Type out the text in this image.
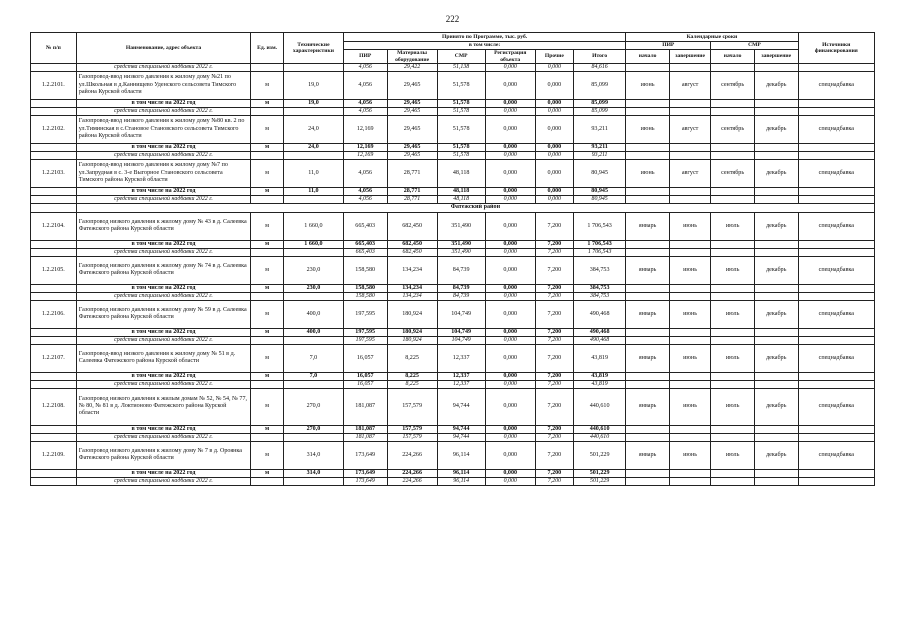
222
№ п/п	Наименование, адрес объекта	Ед. изм.	Технические характеристики	Принято по Программе, тыс. руб.						Календарные сроки				Источники финансирования
				в том числе:						ПИР		СМР		
				ПИР	Материалы оборудование	СМР	Регистрация объекта	Прочие	Итого	начало	завершение	начало	завершение	
	средства специальной надбавки 2022 г.			4,056	29,422	51,138	0,000	0,000	84,616					
1.2.2101.	Газопровод-ввод низкого давления к жилому дому №21 по ул.Школьная в д.Каннищево Уденского сельсовета Тимского района Курской области	м	19,0	4,056	29,465	51,578	0,000	0,000	85,099	июнь	август	сентябрь	декабрь	спецнадбавка
	в том числе на 2022 год	м	19,0	4,056	29,465	51,578	0,000	0,000	85,099					
	средства специальной надбавки 2022 г.			4,056	29,465	51,578	0,000	0,000	85,099					
1.2.2102.	Газопровод-ввод низкого давления к жилому дому №80 кв. 2 по ул.Тиминская в с.Становое Становского сельсовета Тимского района Курской области	м	24,0	12,169	29,465	51,578	0,000	0,000	93,211	июнь	август	сентябрь	декабрь	спецнадбавка
	в том числе на 2022 год	м	24,0	12,169	29,465	51,578	0,000	0,000	93,211					
	средства специальной надбавки 2022 г.			12,169	29,465	51,578	0,000	0,000	93,211					
1.2.2103.	Газопровод-ввод низкого давления к жилому дому №7 по ул.Запрудная в с. 3-е Выгорное Становского сельсовета Тимского района Курской области	м	11,0	4,056	28,771	48,118	0,000	0,000	80,945	июнь	август	сентябрь	декабрь	спецнадбавка
	в том числе на 2022 год	м	11,0	4,056	28,771	48,118	0,000	0,000	80,945					
	средства специальной надбавки 2022 г.			4,056	28,771	48,118	0,000	0,000	80,945					
	Фатежский район													
1.2.2104.	Газопровод низкого давления к жилому дому № 43 в д. Салеевка Фатежского района Курской области	м	1 660,0	665,403	682,450	351,490	0,000	7,200	1 706,543	январь	июнь	июль	декабрь	спецнадбавка
	в том числе на 2022 год	м	1 660,0	665,403	682,450	351,490	0,000	7,200	1 706,543					
	средства специальной надбавки 2022 г.			665,403	682,450	351,490	0,000	7,200	1 706,543					
1.2.2105.	Газопровод низкого давления к жилому дому № 74 в д. Салеевка Фатежского района Курской области	м	230,0	158,580	134,234	84,739	0,000	7,200	384,753	январь	июнь	июль	декабрь	спецнадбавка
	в том числе на 2022 год	м	230,0	158,580	134,234	84,739	0,000	7,200	384,753					
	средства специальной надбавки 2022 г.			158,580	134,234	84,739	0,000	7,200	384,753					
1.2.2106.	Газопровод низкого давления к жилому дому № 59 в д. Салеевка Фатежского района Курской области	м	400,0	197,595	180,924	104,749	0,000	7,200	490,468	январь	июнь	июль	декабрь	спецнадбавка
	в том числе на 2022 год	м	400,0	197,595	180,924	104,749	0,000	7,200	490,468					
	средства специальной надбавки 2022 г.			197,595	180,924	104,749	0,000	7,200	490,468					
1.2.2107.	Газопровод-ввод низкого давления к жилому дому № 51 в д. Салеевка Фатежского района Курской области	м	7,0	16,057	8,225	12,337	0,000	7,200	43,819	январь	июнь	июль	декабрь	спецнадбавка
	в том числе на 2022 год	м	7,0	16,057	8,225	12,337	0,000	7,200	43,819					
	средства специальной надбавки 2022 г.			16,057	8,225	12,337	0,000	7,200	43,819					
1.2.2108.	Газопровод низкого давления к жилым домам № 52, № 54, № 77, № 80, № 81 в д. Локтионово Фатежского района Курской области	м	270,0	181,087	157,579	94,744	0,000	7,200	440,610	январь	июнь	июль	декабрь	спецнадбавка
	в том числе на 2022 год	м	270,0	181,087	157,579	94,744	0,000	7,200	440,610					
	средства специальной надбавки 2022 г.			181,087	157,579	94,744	0,000	7,200	440,610					
1.2.2109.	Газопровод низкого давления к жилому дому № 7 в д. Ороянка Фатежского района Курской области	м	314,0	173,649	224,266	96,114	0,000	7,200	501,229	январь	июнь	июль	декабрь	спецнадбавка
	в том числе на 2022 год	м	314,0	173,649	224,266	96,114	0,000	7,200	501,229					
	средства специальной надбавки 2022 г.			173,649	224,266	96,114	0,000	7,200	501,229					
